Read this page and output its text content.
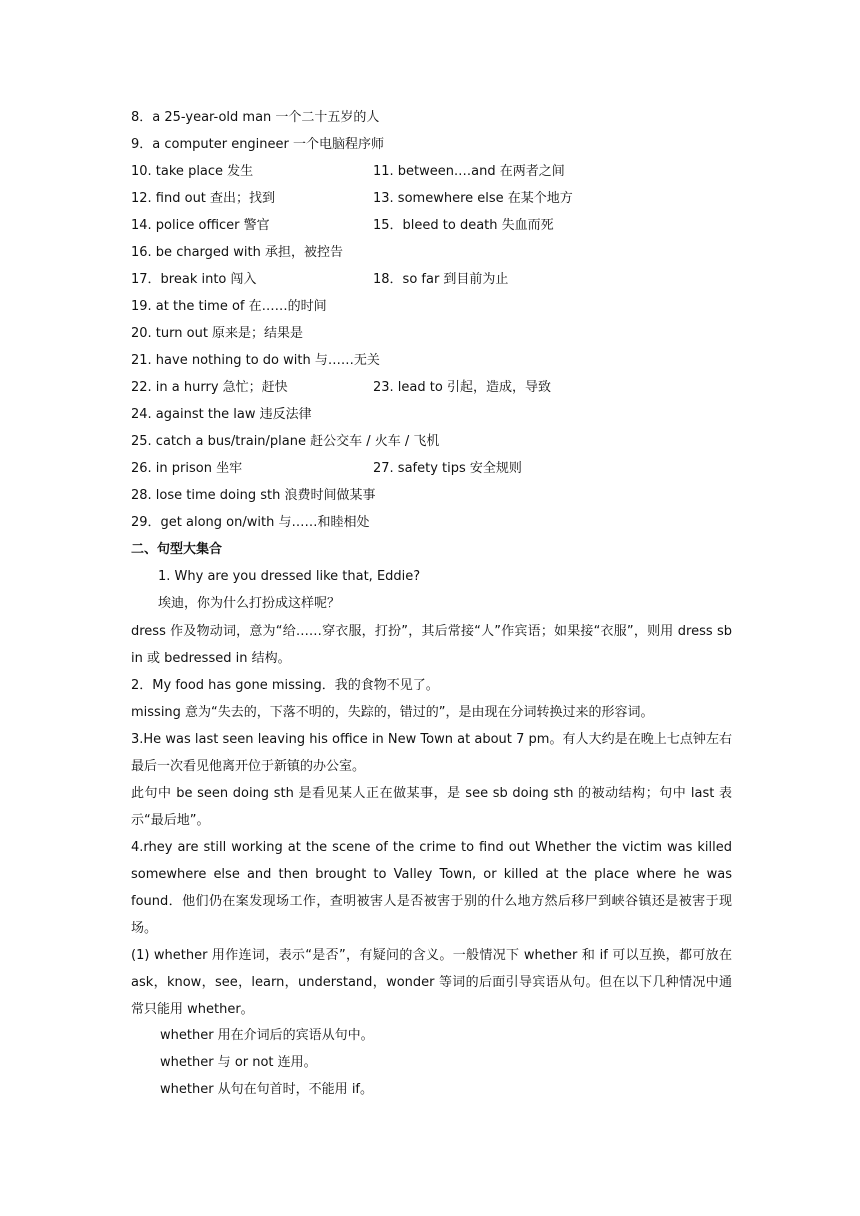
8．a 25-year-old man 一个二十五岁的人
9．a computer engineer 一个电脑程序师
10. take place 发生	11. between.…and 在两者之间
12. find out 查出；找到	13. somewhere else 在某个地方
14. police officer 警官	15．bleed to death 失血而死
16. be charged with 承担，被控告
17．break into 闯入	18．so far 到目前为止
19. at the time of 在……的时间
20. turn out 原来是；结果是
21. have nothing to do with 与……无关
22. in a hurry 急忙；赶快	23. lead to 引起，造成，导致
24. against the law 违反法律
25. catch a bus/train/plane 赶公交车 / 火车 / 飞机
26. in prison 坐牢	27. safety tips 安全规则
28. lose time doing sth 浪费时间做某事
29．get along on/with 与……和睦相处
二、句型大集合
1. Why are you dressed like that, Eddie?
埃迪，你为什么打扮成这样呢？
dress 作及物动词，意为“给……穿衣服，打扮”，其后常接“人”作宾语；如果接“衣服”，则用 dress sb in 或 bedressed in 结构。
2．My food has gone missing．我的食物不见了。
missing 意为“失去的，下落不明的，失踪的，错过的”，是由现在分词转换过来的形容词。
3.He was last seen leaving his office in New Town at about 7 pm。有人大约是在晚上七点钟左右最后一次看见他离开位于新镇的办公室。
此句中 be seen doing sth 是看见某人正在做某事，是 see sb doing sth 的被动结构；句中 last 表示“最后地”。
4.rhey are still working at the scene of the crime to find out Whether the victim was killed somewhere else and then brought to Valley Town, or killed at the place where he was found．他们仍在案发现场工作，查明被害人是否被害于别的什么地方然后移尸到峡谷镇还是被害于现场。
(1) whether 用作连词，表示“是否”，有疑问的含义。一般情况下 whether 和 if 可以互换，都可放在 ask，know，see，learn，understand，wonder 等词的后面引导宾语从句。但在以下几种情况中通常只能用 whether。
whether 用在介词后的宾语从句中。
whether 与 or not 连用。
whether 从句在句首时，不能用 if。
